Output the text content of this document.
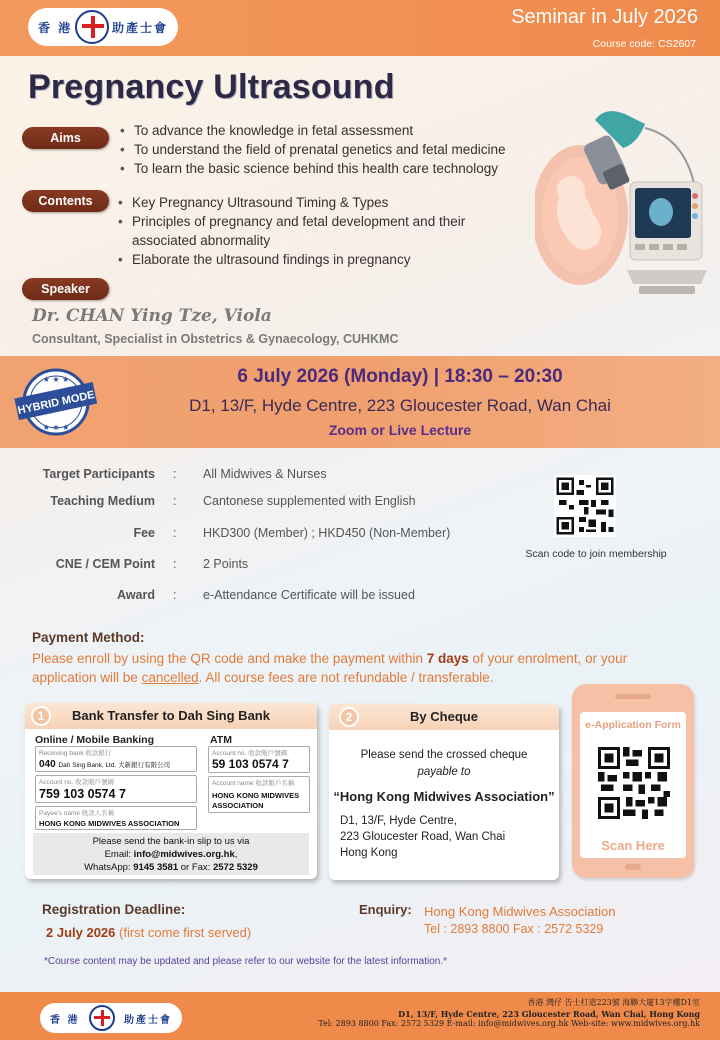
香 港	助產士會	Seminar in July 2026
Course code: CS2607
Pregnancy Ultrasound
Aims	• To advance the knowledge in fetal assessment
• To understand the field of prenatal genetics and fetal medicine
• To learn the basic science behind this health care technology
Contents	• Key Pregnancy Ultrasound Timing & Types
• Principles of pregnancy and fetal development and their associated abnormality
• Elaborate the ultrasound findings in pregnancy
Speaker
Dr. CHAN Ying Tze, Viola
Consultant, Specialist in Obstetrics & Gynaecology, CUHKMC
HYBRID MODE
★ ★ ★
★ ★ ★
6 July 2026 (Monday) | 18:30 – 20:30
D1, 13/F, Hyde Centre, 223 Gloucester Road, Wan Chai
Zoom or Live Lecture
Target Participants : All Midwives & Nurses
Teaching Medium : Cantonese supplemented with English
Fee : HKD300 (Member) ; HKD450 (Non-Member)
CNE / CEM Point : 2 Points
Award : e-Attendance Certificate will be issued
Scan code to join membership
Payment Method:
Please enroll by using the QR code and make the payment within 7 days of your enrolment, or your application will be cancelled. All course fees are not refundable / transferable.
Bank Transfer to Dah Sing Bank
1
Online / Mobile Banking	ATM
Receiving bank 收款銀行
040 Dah Sing Bank, Ltd. 大新銀行有限公司
Account no. 收款賬戶號碼
759 103 0574 7
Payee's name 收款人名稱
HONG KONG MIDWIVES ASSOCIATION
Account no. 收款賬戶號碼
59 103 0574 7
Account name 收款賬戶名稱
HONG KONG MIDWIVES
ASSOCIATION
Please send the bank-in slip to us via
Email: info@midwives.org.hk,
WhatsApp: 9145 3581 or Fax: 2572 5329
By Cheque
2
Please send the crossed cheque
payable to
“Hong Kong Midwives Association”
D1, 13/F, Hyde Centre,
223 Gloucester Road, Wan Chai
Hong Kong
e-Application Form
Scan Here
Registration Deadline:
2 July 2026 (first come first served)
Enquiry: Hong Kong Midwives Association
Tel : 2893 8800 Fax : 2572 5329
*Course content may be updated and please refer to our website for the latest information.*
香 港	助產士會
香港 灣仔 告士打道223號 海聯大廈13字樓D1室
D1, 13/F, Hyde Centre, 223 Gloucester Road, Wan Chai, Hong Kong
Tel: 2893 8800 Fax: 2572 5329 E-mail: info@midwives.org.hk Web-site: www.midwives.org.hk
